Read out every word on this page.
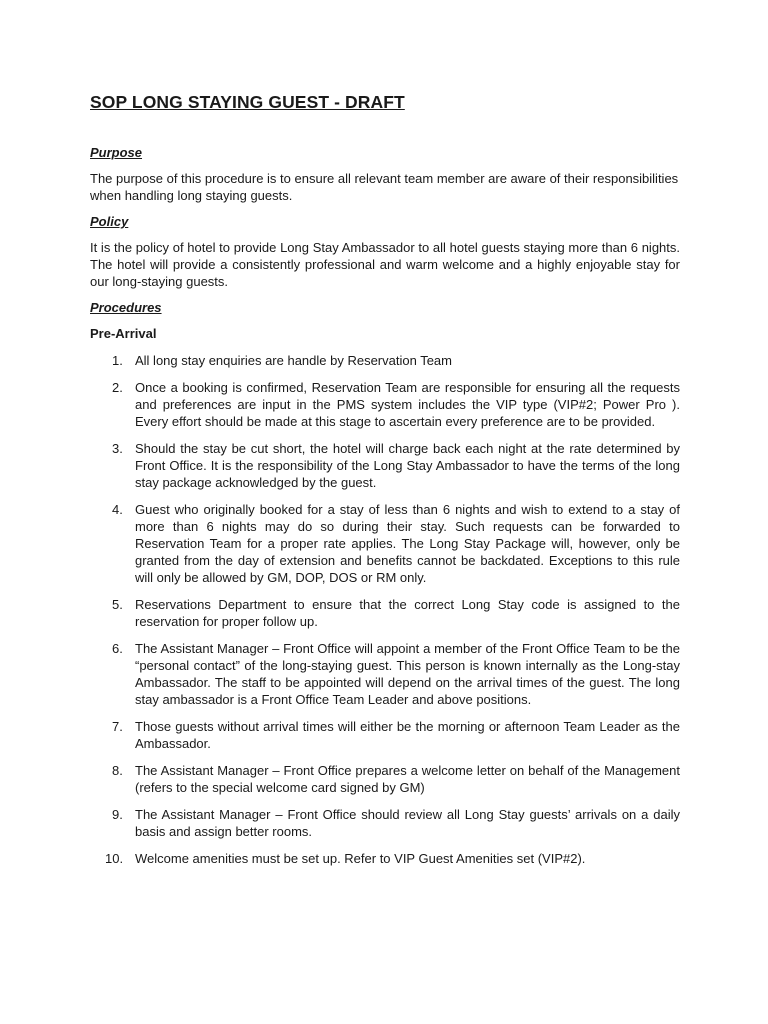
SOP LONG STAYING GUEST - DRAFT
Purpose

The purpose of this procedure is to ensure all relevant team member are aware of their responsibilities when handling long staying guests.

Policy

It is the policy of hotel to provide Long Stay Ambassador to all hotel guests staying more than 6 nights. The hotel will provide a consistently professional and warm welcome and a highly enjoyable stay for our long-staying guests.

Procedures
Pre-Arrival
1. All long stay enquiries are handle by Reservation Team
2. Once a booking is confirmed, Reservation Team are responsible for ensuring all the requests and preferences are input in the PMS system includes the VIP type (VIP#2; Power Pro ). Every effort should be made at this stage to ascertain every preference are to be provided.
3. Should the stay be cut short, the hotel will charge back each night at the rate determined by Front Office. It is the responsibility of the Long Stay Ambassador to have the terms of the long stay package acknowledged by the guest.
4. Guest who originally booked for a stay of less than 6 nights and wish to extend to a stay of more than 6 nights may do so during their stay. Such requests can be forwarded to Reservation Team for a proper rate applies. The Long Stay Package will, however, only be granted from the day of extension and benefits cannot be backdated. Exceptions to this rule will only be allowed by GM, DOP, DOS or RM only.
5. Reservations Department to ensure that the correct Long Stay code is assigned to the reservation for proper follow up.
6. The Assistant Manager – Front Office will appoint a member of the Front Office Team to be the “personal contact” of the long-staying guest. This person is known internally as the Long-stay Ambassador. The staff to be appointed will depend on the arrival times of the guest. The long stay ambassador is a Front Office Team Leader and above positions.
7. Those guests without arrival times will either be the morning or afternoon Team Leader as the Ambassador.
8. The Assistant Manager – Front Office prepares a welcome letter on behalf of the Management (refers to the special welcome card signed by GM)
9. The Assistant Manager – Front Office should review all Long Stay guests’ arrivals on a daily basis and assign better rooms.
10. Welcome amenities must be set up. Refer to VIP Guest Amenities set (VIP#2).
